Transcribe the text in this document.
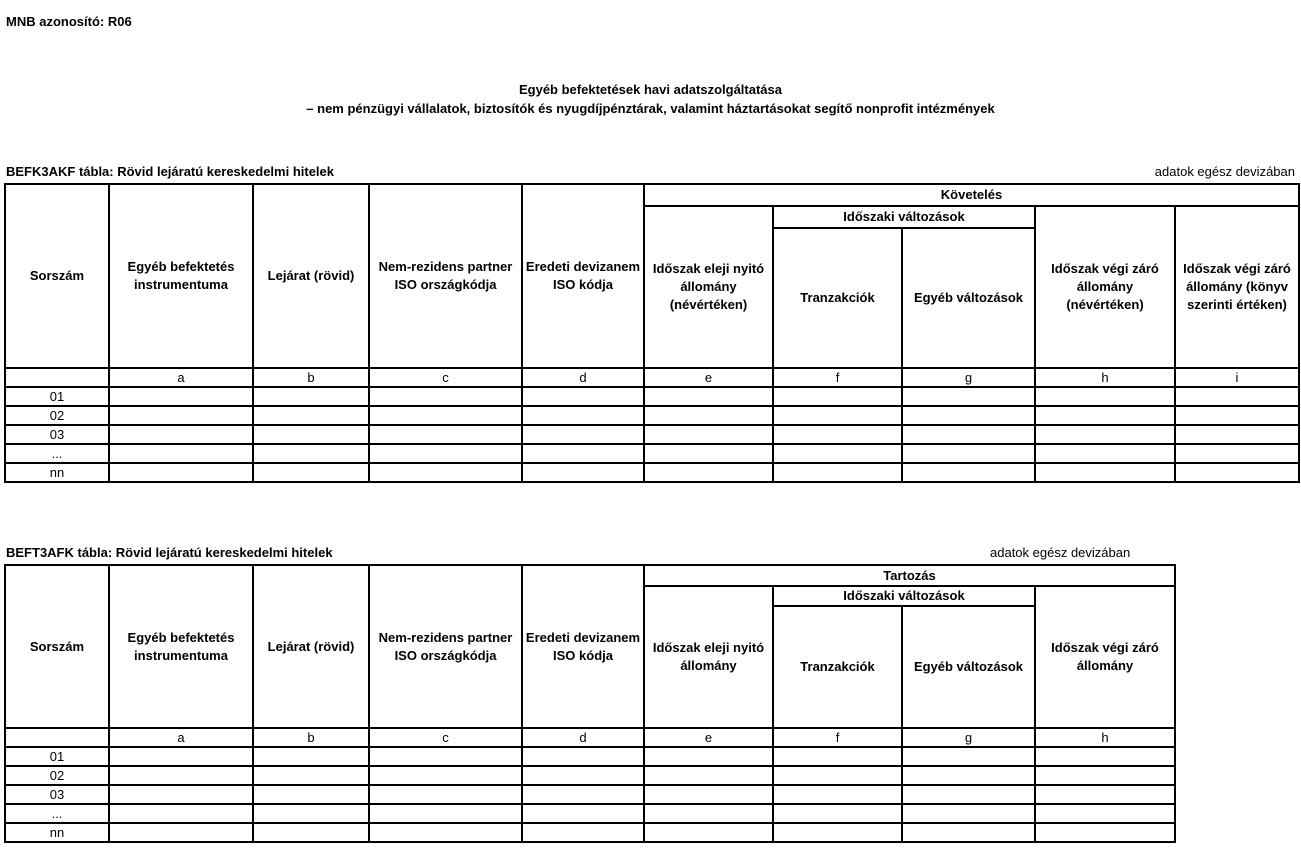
MNB azonosító: R06
Egyéb befektetések havi adatszolgáltatása
– nem pénzügyi vállalatok, biztosítók és nyugdíjpénztárak, valamint háztartásokat segítő nonprofit intézmények
BEFK3AKF tábla: Rövid lejáratú kereskedelmi hitelek	adatok egész devizában
Sorszám	Egyéb befektetés instrumentuma	Lejárat (rövid)	Nem-rezidens partner ISO országkódja	Eredeti devizanem ISO kódja	Követelés				
					Időszak eleji nyitó állomány (névértéken)	Időszaki változások		Időszak végi záró állomány (névértéken)	Időszak végi záró állomány (könyv szerinti értéken)
						Tranzakciók	Egyéb változások		
	a	b	c	d	e	f	g	h	i
01									
02									
03									
...									
nn									
BEFT3AFK tábla: Rövid lejáratú kereskedelmi hitelek	adatok egész devizában
Sorszám	Egyéb befektetés instrumentuma	Lejárat (rövid)	Nem-rezidens partner ISO országkódja	Eredeti devizanem ISO kódja	Tartozás			
					Időszak eleji nyitó állomány	Időszaki változások		Időszak végi záró állomány
						Tranzakciók	Egyéb változások	
	a	b	c	d	e	f	g	h
01								
02								
03								
...								
nn								
